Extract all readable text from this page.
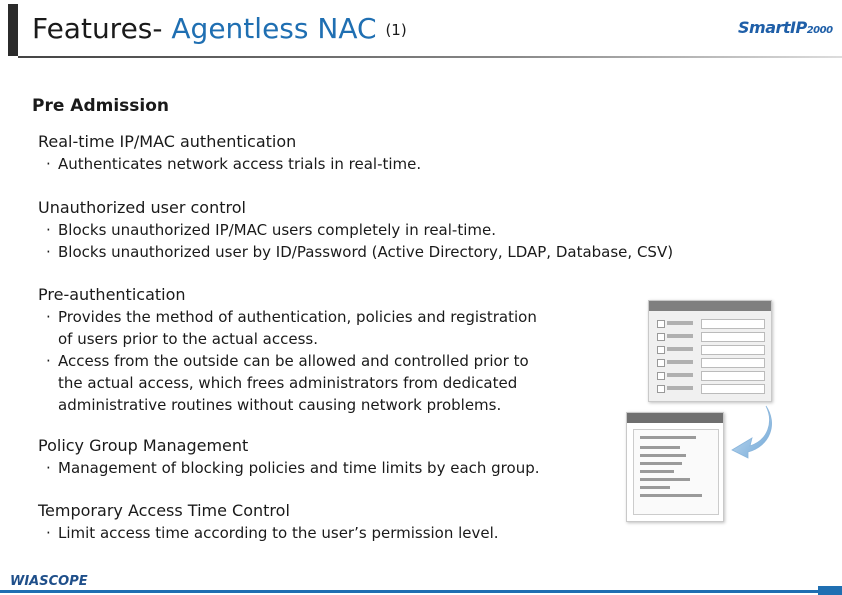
Features- Agentless NAC (1)	SmartIP2000
Pre Admission
Real-time IP/MAC authentication
· Authenticates network access trials in real-time.
Unauthorized user control
· Blocks unauthorized IP/MAC users completely in real-time.
· Blocks unauthorized user by ID/Password (Active Directory, LDAP, Database, CSV)
Pre-authentication
· Provides the method of authentication, policies and registration
of users prior to the actual access.
· Access from the outside can be allowed and controlled prior to
the actual access, which frees administrators from dedicated
administrative routines without causing network problems.
Policy Group Management
· Management of blocking policies and time limits by each group.
Temporary Access Time Control
· Limit access time according to the user’s permission level.
WIASCOPE
